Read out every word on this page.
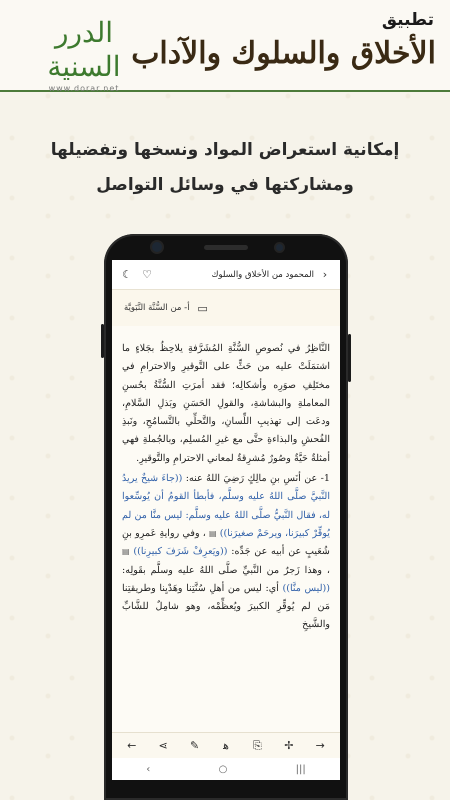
الدرر السنية
www.dorar.net
تطبيق
الأخلاق والسلوك والآداب
إمكانية استعراض المواد ونسخها وتفضيلها
ومشاركتها في وسائل التواصل
☾ ♡	‹
المحمود من الأخلاق والسلوك
▭
أ- من السُّنَّة النَّبَويَّة

النَّاظِرُ في نُصوصِ السُّنَّةِ المُشَرَّفةِ يلاحِظُ بجَلاءٍ ما اشتمَلَتْ عليه من حَثٍّ على التَّوقيرِ والاحترامِ في مختَلِفِ صوَرِه وأشكالِه؛ فقد أمرَتِ السُّنَّةُ بحُسنِ المعاملةِ والبشاشةِ، والقولِ الحَسَنِ وبَذلِ السَّلامِ، ودعَت إلى تهذيبِ اللِّسانِ، والتَّحلِّي بالتَّسامُحِ، ونَبذِ الفُحشِ والبذاءةِ حتَّى مع غيرِ المُسلِم، وبالجُملةِ فهي أمثلةٌ حَيَّةٌ وصُورٌ مُشرِقةٌ لمعاني الاحترامِ والتَّوقيرِ.

1- عن أنَسِ بنِ مالِكٍ رَضِيَ اللهُ عنه: ((جاءَ شيخٌ يريدُ النَّبيَّ صلَّى اللهُ عليه وسلَّم، فأبطأ القومُ أن يُوسِّعوا له، فقال النَّبيُّ صلَّى اللهُ عليه وسلَّم: ليس منَّا من لم يُوقِّرْ كبيرَنا، ويرحَمْ صغيرَنا)) ▤ ، وفي روايةِ عَمرِو بنِ شُعَيبٍ عن أبيه عن جَدِّه: ((ويَعرِفْ شَرَفَ كبيرِنا)) ▤ ، وهذا زَجرٌ من النَّبيِّ صلَّى اللهُ عليه وسلَّم بقَولِه: ((ليس منَّا)) أي: ليس من أهلِ سُنَّتِنا وهَدْيِنا وطريقتِنا مَن لم يُوقِّرِ الكبيرَ ويُعظِّمْه، وهو شامِلٌ للشَّابِّ والشَّيخِ

←	⋖	✎	ﻫ	⎘	✢	→
‹	○	|||
